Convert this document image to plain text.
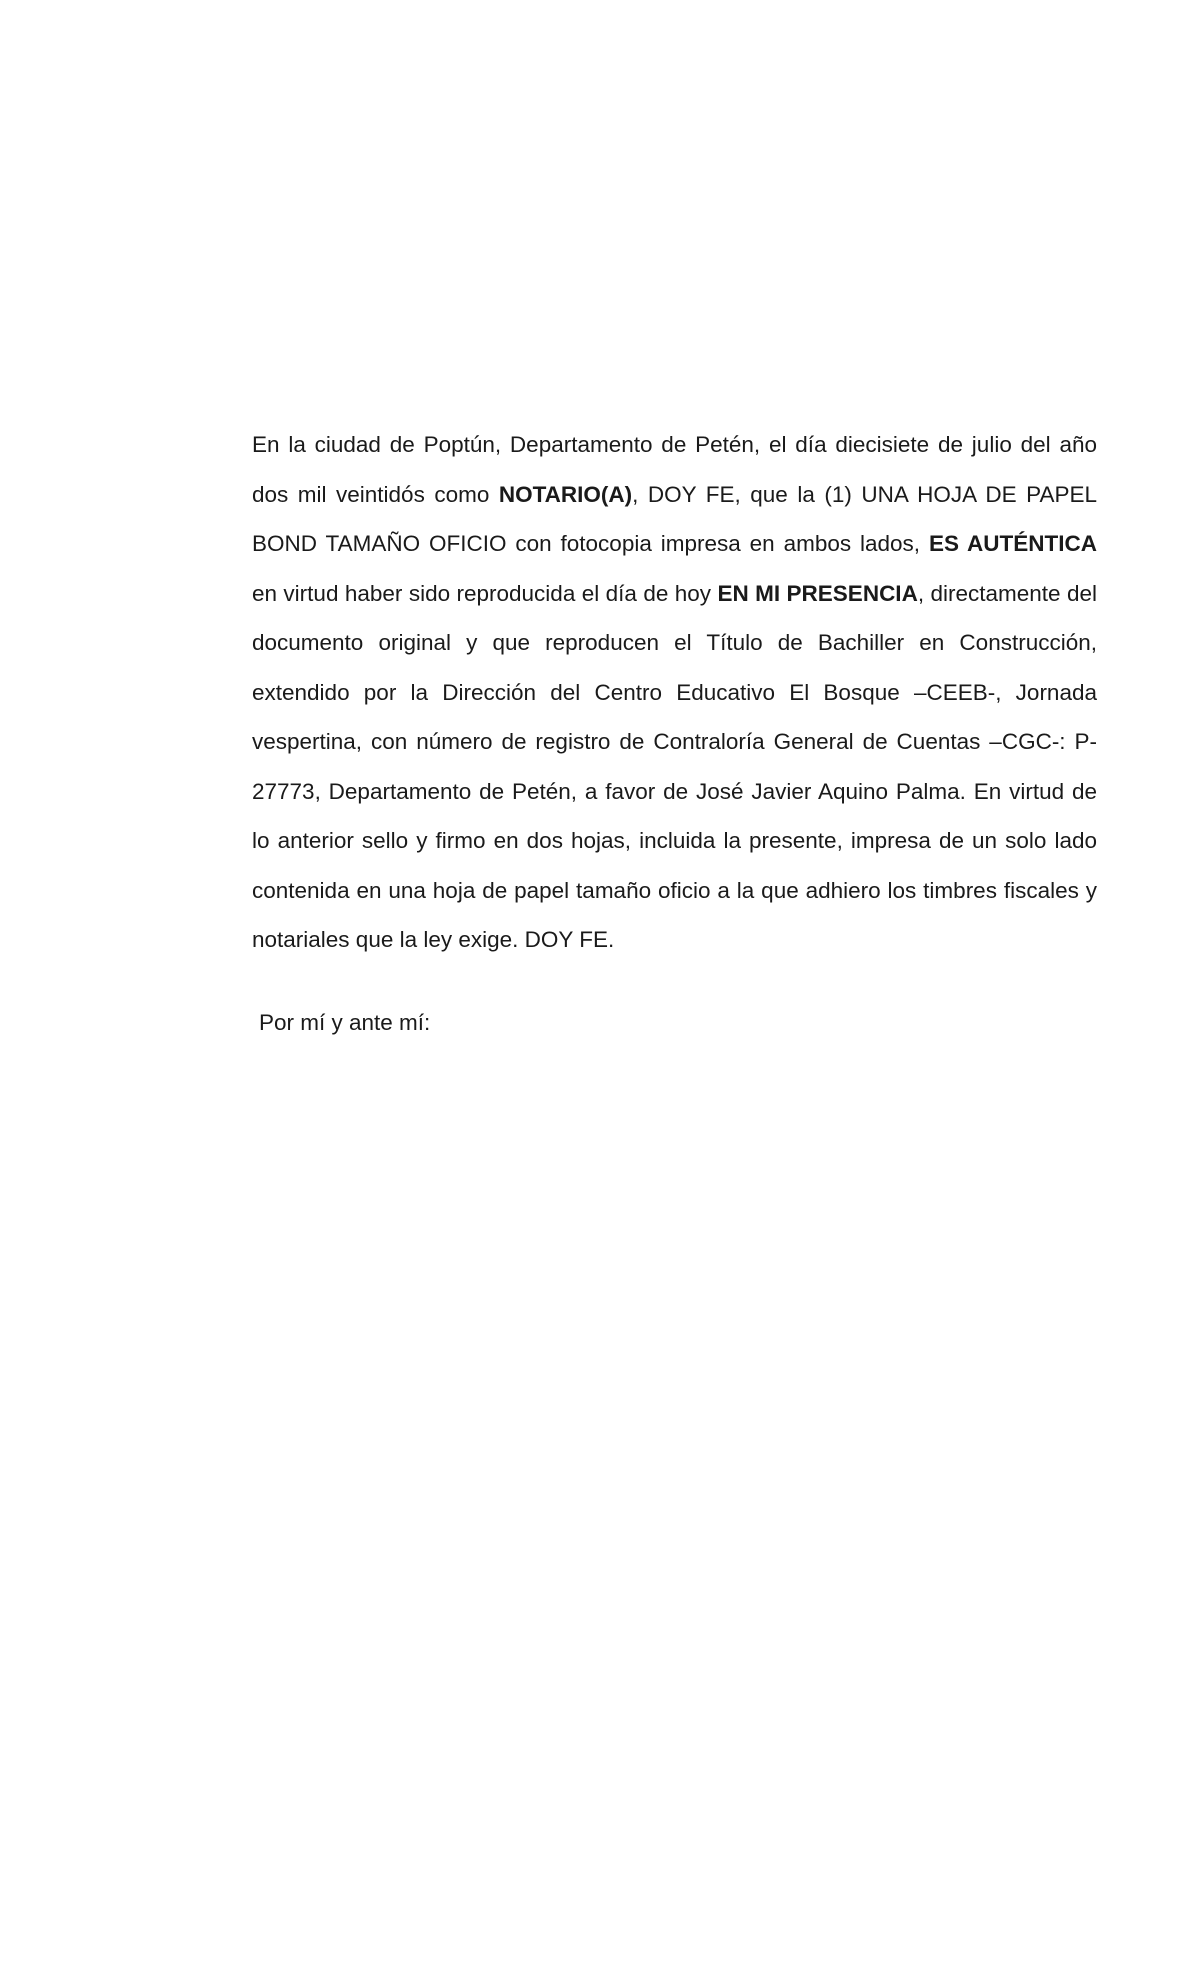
En la ciudad de Poptún, Departamento de Petén, el día diecisiete de julio del año dos mil veintidós como NOTARIO(A), DOY FE, que la (1) UNA HOJA DE PAPEL BOND TAMAÑO OFICIO con fotocopia impresa en ambos lados, ES AUTÉNTICA en virtud haber sido reproducida el día de hoy EN MI PRESENCIA, directamente del documento original y que reproducen el Título de Bachiller en Construcción, extendido por la Dirección del Centro Educativo El Bosque –CEEB-, Jornada vespertina, con número de registro de Contraloría General de Cuentas –CGC-: P-27773, Departamento de Petén, a favor de José Javier Aquino Palma. En virtud de lo anterior sello y firmo en dos hojas, incluida la presente, impresa de un solo lado contenida en una hoja de papel tamaño oficio a la que adhiero los timbres fiscales y notariales que la ley exige. DOY FE.

Por mí y ante mí:
